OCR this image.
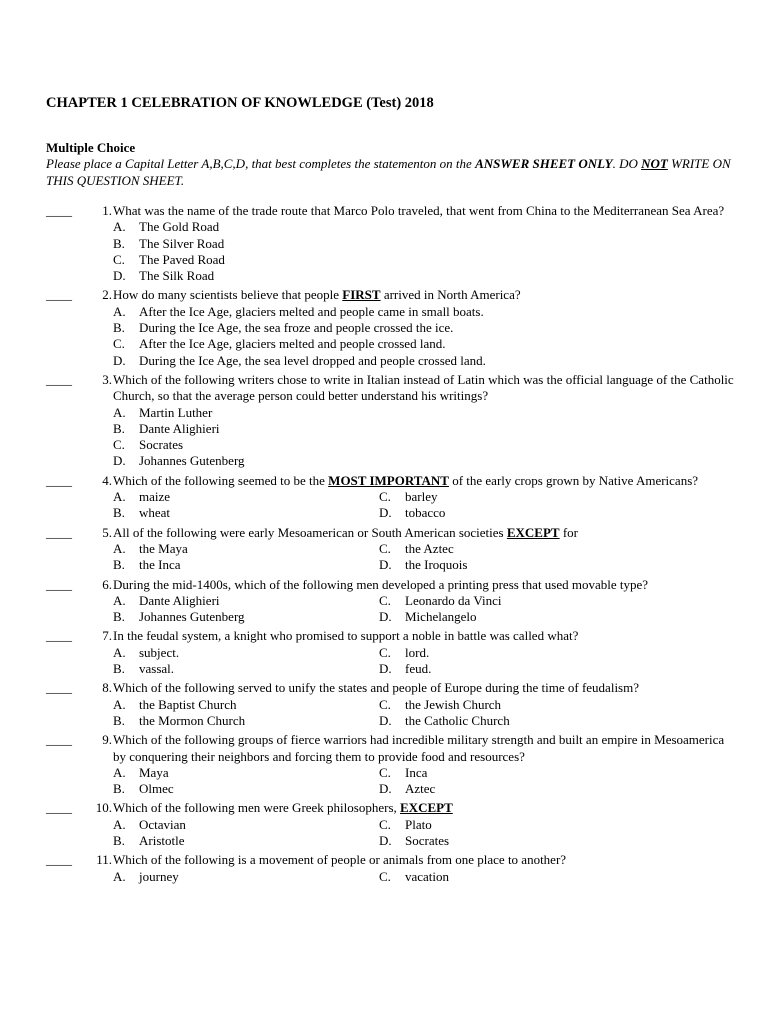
CHAPTER 1 CELEBRATION OF KNOWLEDGE (Test) 2018
Multiple Choice
Please place a Capital Letter A,B,C,D, that best completes the statementon on the ANSWER SHEET ONLY. DO NOT WRITE ON THIS QUESTION SHEET.
____	1. What was the name of the trade route that Marco Polo traveled, that went from China to the Mediterranean Sea Area?
A.	The Gold Road
B.	The Silver Road
C.	The Paved Road
D.	The Silk Road
____	2. How do many scientists believe that people FIRST arrived in North America?
A.	After the Ice Age, glaciers melted and people came in small boats.
B.	During the Ice Age, the sea froze and people crossed the ice.
C.	After the Ice Age, glaciers melted and people crossed land.
D.	During the Ice Age, the sea level dropped and people crossed land.
____	3. Which of the following writers chose to write in Italian instead of Latin which was the official language of the Catholic Church, so that the average person could better understand his writings?
A.	Martin Luther
B.	Dante Alighieri
C.	Socrates
D.	Johannes Gutenberg
____	4. Which of the following seemed to be the MOST IMPORTANT of the early crops grown by Native Americans?
A.	maize	C.	barley
B.	wheat	D.	tobacco
____	5. All of the following were early Mesoamerican or South American societies EXCEPT for
A.	the Maya	C.	the Aztec
B.	the Inca	D.	the Iroquois
____	6. During the mid-1400s, which of the following men developed a printing press that used movable type?
A.	Dante Alighieri	C.	Leonardo da Vinci
B.	Johannes Gutenberg	D.	Michelangelo
____	7. In the feudal system, a knight who promised to support a noble in battle was called what?
A.	subject.	C.	lord.
B.	vassal.	D.	feud.
____	8. Which of the following served to unify the states and people of Europe during the time of feudalism?
A.	the Baptist Church	C.	the Jewish Church
B.	the Mormon Church	D.	the Catholic Church
____	9. Which of the following groups of fierce warriors had incredible military strength and built an empire in Mesoamerica by conquering their neighbors and forcing them to provide food and resources?
A.	Maya	C.	Inca
B.	Olmec	D.	Aztec
____	10. Which of the following men were Greek philosophers, EXCEPT
A.	Octavian	C.	Plato
B.	Aristotle	D.	Socrates
____	11. Which of the following is a movement of people or animals from one place to another?
A.	journey	C.	vacation
